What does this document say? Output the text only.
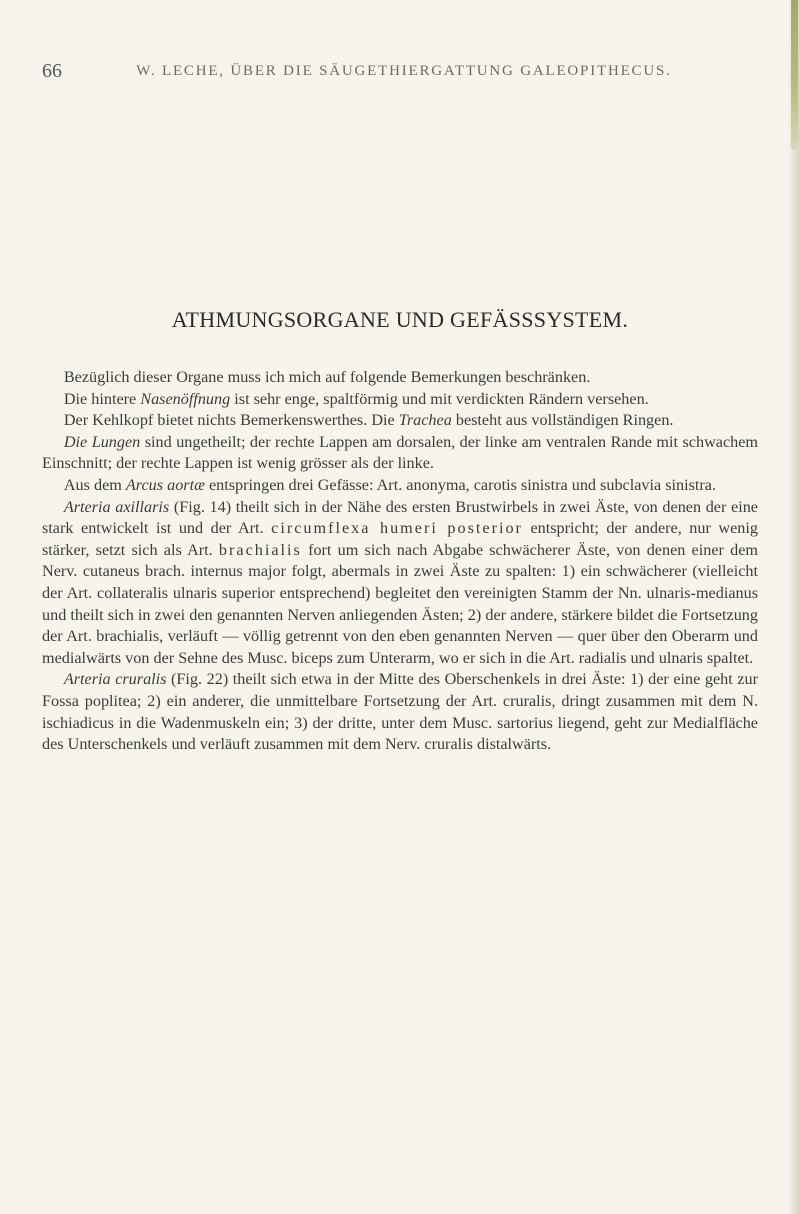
66	W. LECHE, ÜBER DIE SÄUGETHIERGATTUNG GALEOPITHECUS.
ATHMUNGSORGANE UND GEFÄSSSYSTEM.

Bezüglich dieser Organe muss ich mich auf folgende Bemerkungen beschränken.

Die hintere Nasenöffnung ist sehr enge, spaltförmig und mit verdickten Rändern versehen.

Der Kehlkopf bietet nichts Bemerkenswerthes. Die Trachea besteht aus vollständigen Ringen.

Die Lungen sind ungetheilt; der rechte Lappen am dorsalen, der linke am ventralen Rande mit schwachem Einschnitt; der rechte Lappen ist wenig grösser als der linke.

Aus dem Arcus aortæ entspringen drei Gefässe: Art. anonyma, carotis sinistra und subclavia sinistra.

Arteria axillaris (Fig. 14) theilt sich in der Nähe des ersten Brustwirbels in zwei Äste, von denen der eine stark entwickelt ist und der Art. circumflexa humeri posterior entspricht; der andere, nur wenig stärker, setzt sich als Art. brachialis fort um sich nach Abgabe schwächerer Äste, von denen einer dem Nerv. cutaneus brach. internus major folgt, abermals in zwei Äste zu spalten: 1) ein schwächerer (vielleicht der Art. collateralis ulnaris superior entsprechend) begleitet den vereinigten Stamm der Nn. ulnaris-medianus und theilt sich in zwei den genannten Nerven anliegenden Ästen; 2) der andere, stärkere bildet die Fortsetzung der Art. brachialis, verläuft — völlig getrennt von den eben genannten Nerven — quer über den Oberarm und medialwärts von der Sehne des Musc. biceps zum Unterarm, wo er sich in die Art. radialis und ulnaris spaltet.

Arteria cruralis (Fig. 22) theilt sich etwa in der Mitte des Oberschenkels in drei Äste: 1) der eine geht zur Fossa poplitea; 2) ein anderer, die unmittelbare Fortsetzung der Art. cruralis, dringt zusammen mit dem N. ischiadicus in die Wadenmuskeln ein; 3) der dritte, unter dem Musc. sartorius liegend, geht zur Medialfläche des Unterschenkels und verläuft zusammen mit dem Nerv. cruralis distalwärts.
